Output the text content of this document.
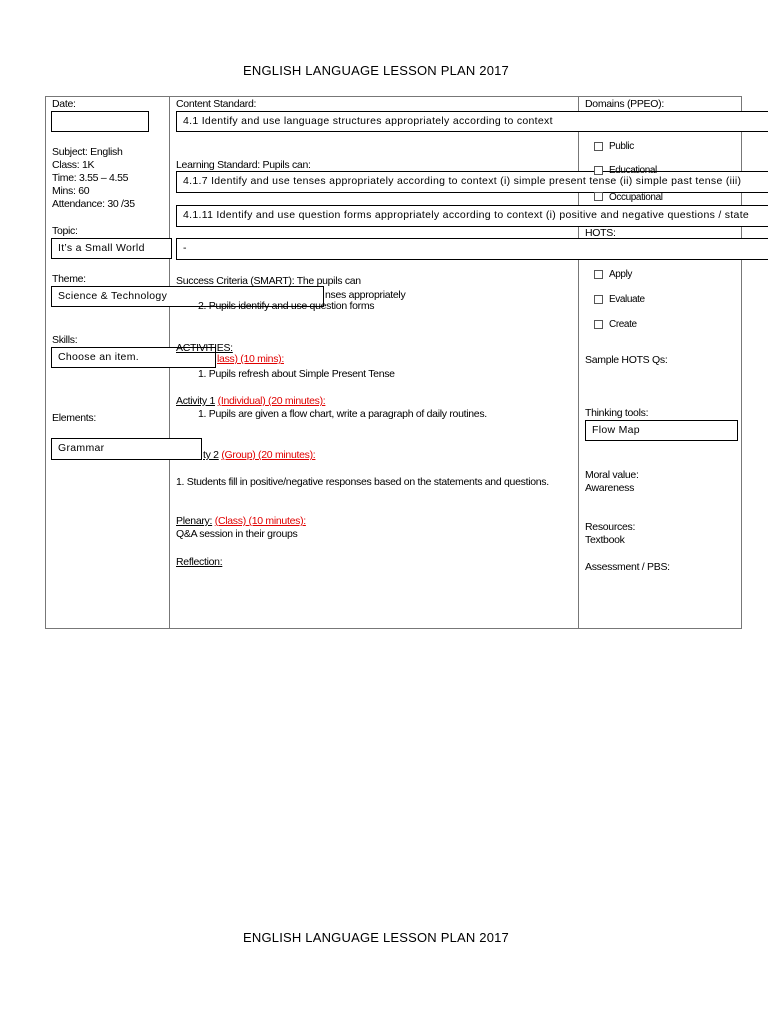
ENGLISH LANGUAGE LESSON PLAN 2017
Date:
Subject: English
Class: 1K
Time: 3.55 – 4.55
Mins: 60
Attendance: 30 /35
Topic:
It’s a Small World
Theme:
Science & Technology
Skills:
Choose an item.
Elements:
Grammar
Content Standard:
4.1 Identify and use language structures appropriately according to context
Learning Standard: Pupils can:
4.1.7 Identify and use tenses appropriately according to context (i) simple present tense (ii) simple past tense (iii)
4.1.11 Identify and use question forms appropriately according to context (i) positive and negative questions / state
-
Success Criteria (SMART): The pupils can
nses appropriately
2. Pupils identify and use question forms
ACTIVITIES:
lass) (10 mins):
1. Pupils refresh about Simple Present Tense
Activity 1 (Individual) (20 minutes):
1. Pupils are given a flow chart, write a paragraph of daily routines.
ty 2 (Group) (20 minutes):
1. Students fill in positive/negative responses based on the statements and questions.
Plenary: (Class) (10 minutes):
Q&A session in their groups
Reflection:
Domains (PPEO):
Public
Educational
Occupational
HOTS:
Apply
Evaluate
Create
Sample HOTS Qs:
Thinking tools:
Flow Map
Moral value:
Awareness
Resources:
Textbook
Assessment / PBS:
ENGLISH LANGUAGE LESSON PLAN 2017
